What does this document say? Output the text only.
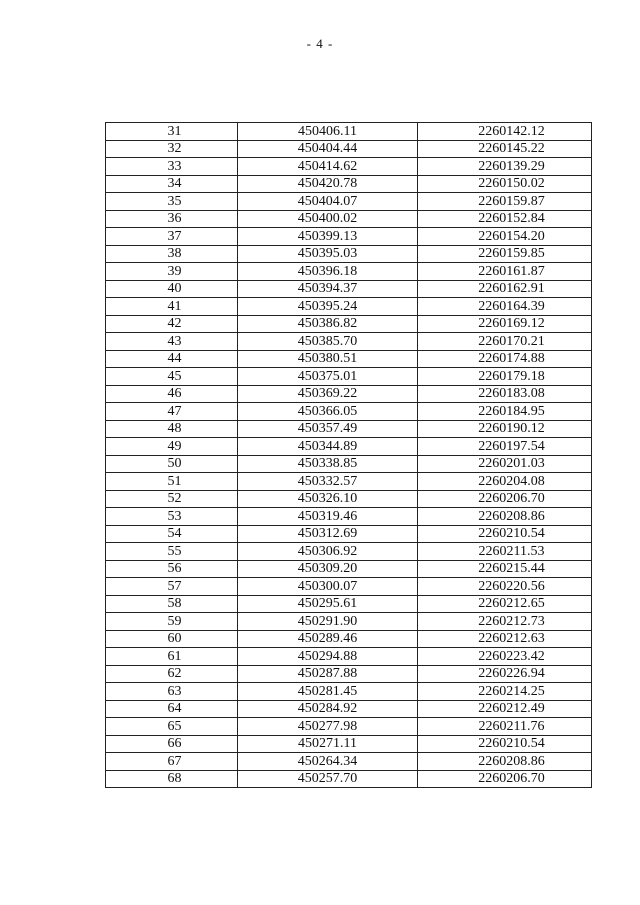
- 4 -
31	450406.11	2260142.12
32	450404.44	2260145.22
33	450414.62	2260139.29
34	450420.78	2260150.02
35	450404.07	2260159.87
36	450400.02	2260152.84
37	450399.13	2260154.20
38	450395.03	2260159.85
39	450396.18	2260161.87
40	450394.37	2260162.91
41	450395.24	2260164.39
42	450386.82	2260169.12
43	450385.70	2260170.21
44	450380.51	2260174.88
45	450375.01	2260179.18
46	450369.22	2260183.08
47	450366.05	2260184.95
48	450357.49	2260190.12
49	450344.89	2260197.54
50	450338.85	2260201.03
51	450332.57	2260204.08
52	450326.10	2260206.70
53	450319.46	2260208.86
54	450312.69	2260210.54
55	450306.92	2260211.53
56	450309.20	2260215.44
57	450300.07	2260220.56
58	450295.61	2260212.65
59	450291.90	2260212.73
60	450289.46	2260212.63
61	450294.88	2260223.42
62	450287.88	2260226.94
63	450281.45	2260214.25
64	450284.92	2260212.49
65	450277.98	2260211.76
66	450271.11	2260210.54
67	450264.34	2260208.86
68	450257.70	2260206.70
